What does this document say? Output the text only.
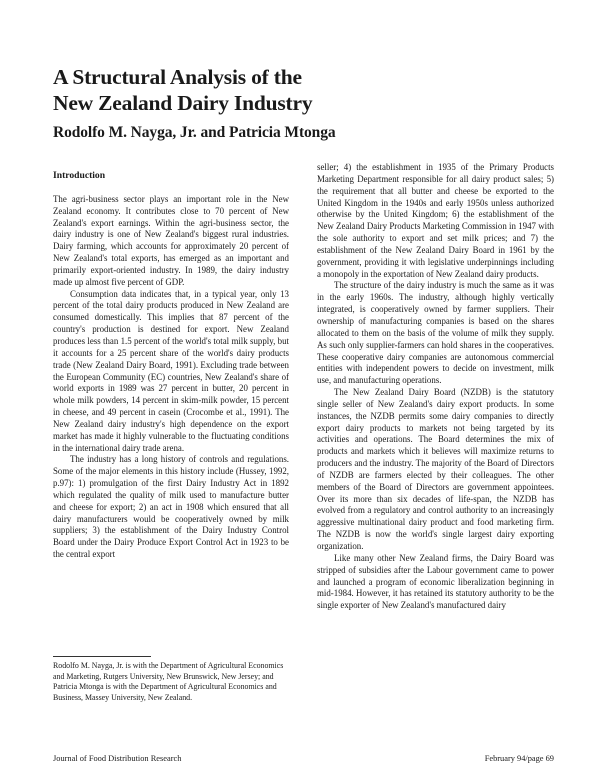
A Structural Analysis of the
New Zealand Dairy Industry
Rodolfo M. Nayga, Jr. and Patricia Mtonga
Introduction

The agri-business sector plays an important role in the New Zealand economy. It contributes close to 70 percent of New Zealand's export earnings. Within the agri-business sector, the dairy industry is one of New Zealand's biggest rural industries. Dairy farming, which accounts for approximately 20 percent of New Zealand's total exports, has emerged as an important and primarily export-oriented industry. In 1989, the dairy industry made up almost five percent of GDP.

Consumption data indicates that, in a typical year, only 13 percent of the total dairy products produced in New Zealand are consumed domestically. This implies that 87 percent of the country's production is destined for export. New Zealand produces less than 1.5 percent of the world's total milk supply, but it accounts for a 25 percent share of the world's dairy products trade (New Zealand Dairy Board, 1991). Excluding trade between the European Community (EC) countries, New Zealand's share of world exports in 1989 was 27 percent in butter, 20 percent in whole milk powders, 14 percent in skim-milk powder, 15 percent in cheese, and 49 percent in casein (Crocombe et al., 1991). The New Zealand dairy industry's high dependence on the export market has made it highly vulnerable to the fluctuating conditions in the international dairy trade arena.

The industry has a long history of controls and regulations. Some of the major elements in this history include (Hussey, 1992, p.97): 1) promulgation of the first Dairy Industry Act in 1892 which regulated the quality of milk used to manufacture butter and cheese for export; 2) an act in 1908 which ensured that all dairy manufacturers would be cooperatively owned by milk suppliers; 3) the establishment of the Dairy Industry Control Board under the Dairy Produce Export Control Act in 1923 to be the central export

seller; 4) the establishment in 1935 of the Primary Products Marketing Department responsible for all dairy product sales; 5) the requirement that all butter and cheese be exported to the United Kingdom in the 1940s and early 1950s unless authorized otherwise by the United Kingdom; 6) the establishment of the New Zealand Dairy Products Marketing Commission in 1947 with the sole authority to export and set milk prices; and 7) the establishment of the New Zealand Dairy Board in 1961 by the government, providing it with legislative underpinnings including a monopoly in the exportation of New Zealand dairy products.

The structure of the dairy industry is much the same as it was in the early 1960s. The industry, although highly vertically integrated, is cooperatively owned by farmer suppliers. Their ownership of manufacturing companies is based on the shares allocated to them on the basis of the volume of milk they supply. As such only supplier-farmers can hold shares in the cooperatives. These cooperative dairy companies are autonomous commercial entities with independent powers to decide on investment, milk use, and manufacturing operations.

The New Zealand Dairy Board (NZDB) is the statutory single seller of New Zealand's dairy export products. In some instances, the NZDB permits some dairy companies to directly export dairy products to markets not being targeted by its activities and operations. The Board determines the mix of products and markets which it believes will maximize returns to producers and the industry. The majority of the Board of Directors of NZDB are farmers elected by their colleagues. The other members of the Board of Directors are government appointees. Over its more than six decades of life-span, the NZDB has evolved from a regulatory and control authority to an increasingly aggressive multinational dairy product and food marketing firm. The NZDB is now the world's single largest dairy exporting organization.

Like many other New Zealand firms, the Dairy Board was stripped of subsidies after the Labour government came to power and launched a program of economic liberalization beginning in mid-1984. However, it has retained its statutory authority to be the single exporter of New Zealand's manufactured dairy

Rodolfo M. Nayga, Jr. is with the Department of Agricultural Economics and Marketing, Rutgers University, New Brunswick, New Jersey; and Patricia Mtonga is with the Department of Agricultural Economics and Business, Massey University, New Zealand.

Journal of Food Distribution Research	February 94/page 69
